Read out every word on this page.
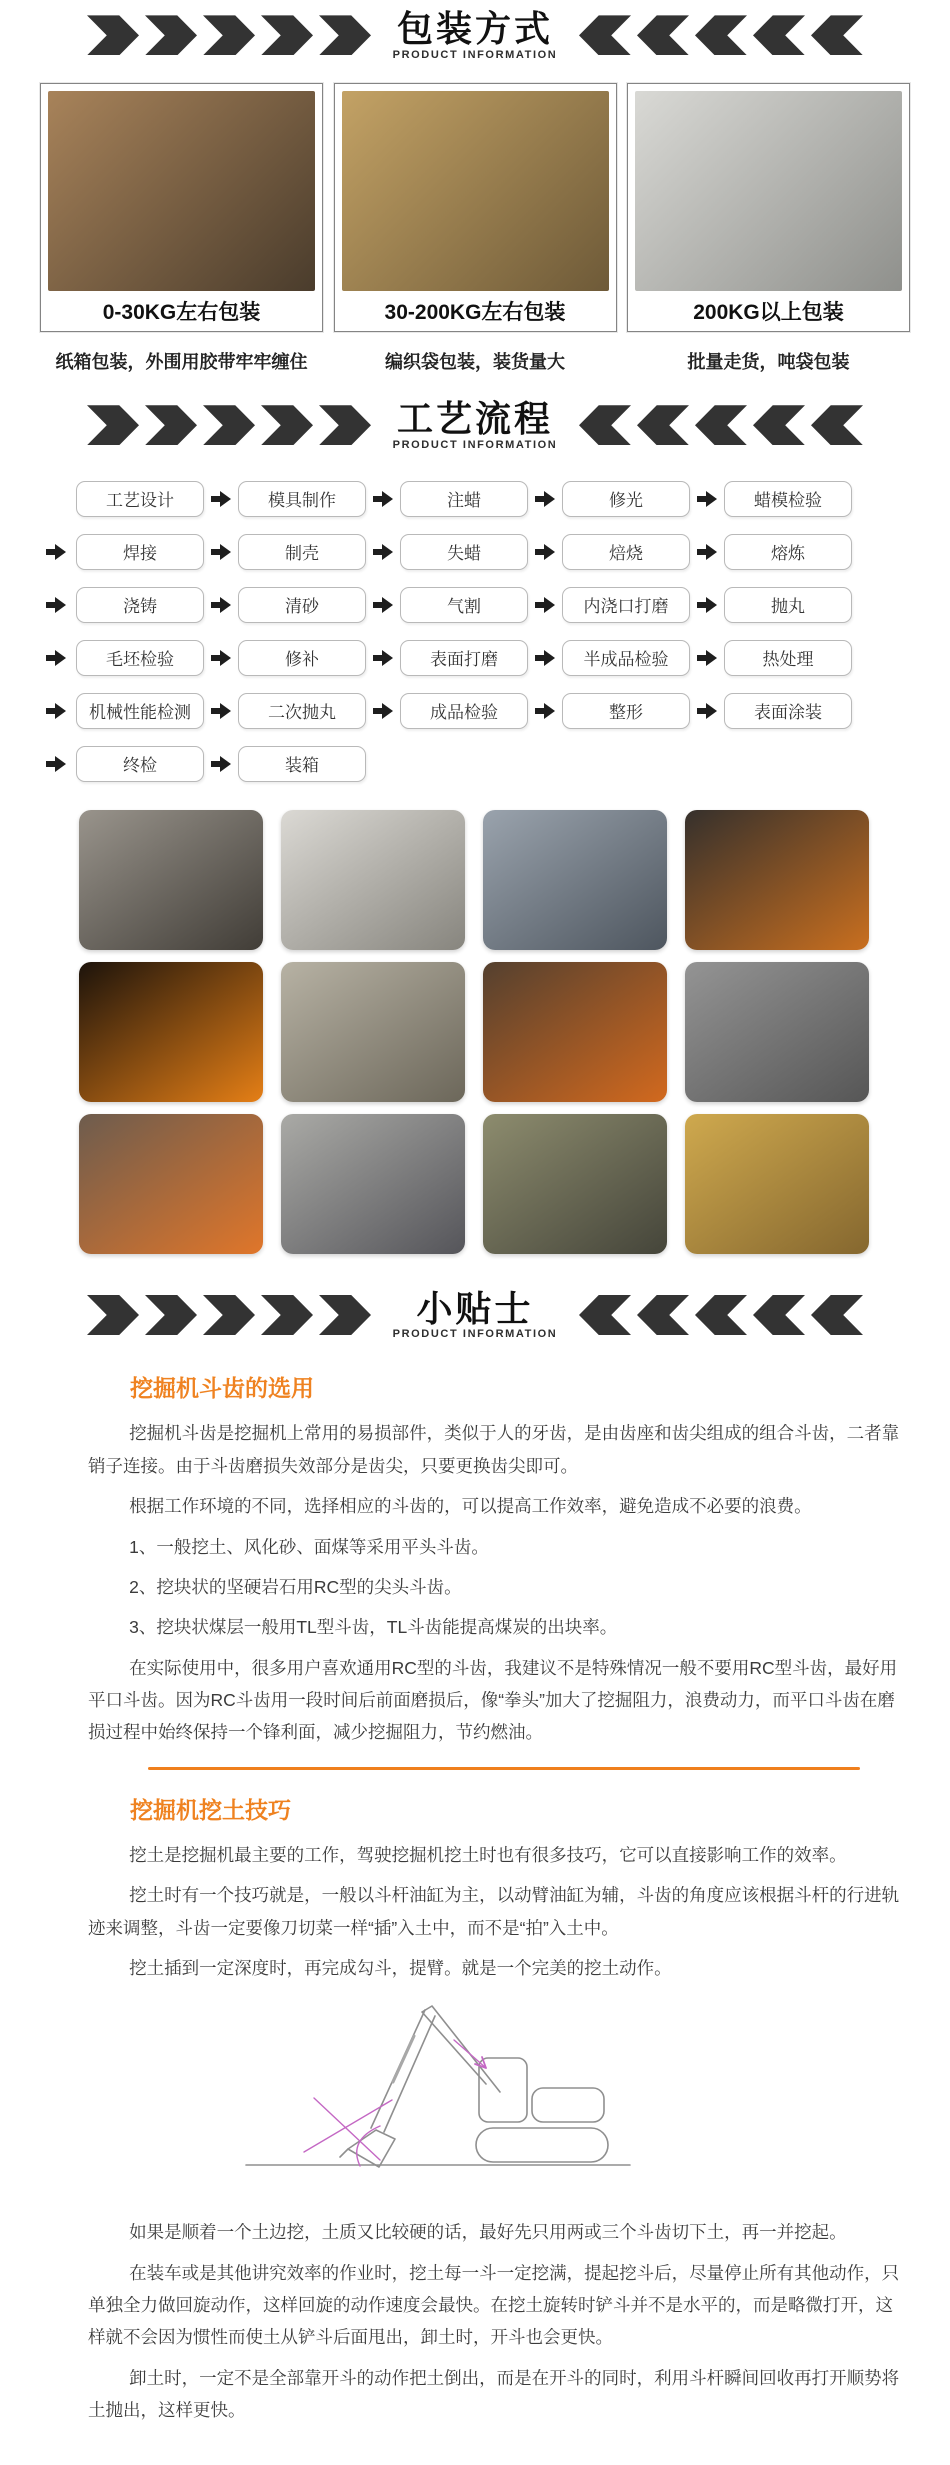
包装方式
PRODUCT INFORMATION
0-30KG左右包装	30-200KG左右包装	200KG以上包装
纸箱包装，外围用胶带牢牢缠住	编织袋包装，装货量大	批量走货，吨袋包装
工艺流程
PRODUCT INFORMATION
工艺设计	模具制作	注蜡	修光	蜡模检验
焊接	制壳	失蜡	焙烧	熔炼
浇铸	清砂	气割	内浇口打磨	抛丸
毛坯检验	修补	表面打磨	半成品检验	热处理
机械性能检测	二次抛丸	成品检验	整形	表面涂装
终检	装箱
小贴士
PRODUCT INFORMATION
挖掘机斗齿的选用

挖掘机斗齿是挖掘机上常用的易损部件，类似于人的牙齿，是由齿座和齿尖组成的组合斗齿，二者靠销子连接。由于斗齿磨损失效部分是齿尖，只要更换齿尖即可。

根据工作环境的不同，选择相应的斗齿的，可以提高工作效率，避免造成不必要的浪费。

1、一般挖土、风化砂、面煤等采用平头斗齿。

2、挖块状的坚硬岩石用RC型的尖头斗齿。

3、挖块状煤层一般用TL型斗齿，TL斗齿能提高煤炭的出块率。

在实际使用中，很多用户喜欢通用RC型的斗齿，我建议不是特殊情况一般不要用RC型斗齿，最好用平口斗齿。因为RC斗齿用一段时间后前面磨损后，像“拳头”加大了挖掘阻力，浪费动力，而平口斗齿在磨损过程中始终保持一个锋利面，减少挖掘阻力，节约燃油。

挖掘机挖土技巧

挖土是挖掘机最主要的工作，驾驶挖掘机挖土时也有很多技巧，它可以直接影响工作的效率。

挖土时有一个技巧就是，一般以斗杆油缸为主，以动臂油缸为辅，斗齿的角度应该根据斗杆的行进轨迹来调整，斗齿一定要像刀切菜一样“插”入土中，而不是“拍”入土中。

挖土插到一定深度时，再完成勾斗，提臂。就是一个完美的挖土动作。

如果是顺着一个土边挖，土质又比较硬的话，最好先只用两或三个斗齿切下土，再一并挖起。

在装车或是其他讲究效率的作业时，挖土每一斗一定挖满，提起挖斗后，尽量停止所有其他动作，只单独全力做回旋动作，这样回旋的动作速度会最快。在挖土旋转时铲斗并不是水平的，而是略微打开，这样就不会因为惯性而使土从铲斗后面甩出，卸土时，开斗也会更快。

卸土时，一定不是全部靠开斗的动作把土倒出，而是在开斗的同时，利用斗杆瞬间回收再打开顺势将土抛出，这样更快。
